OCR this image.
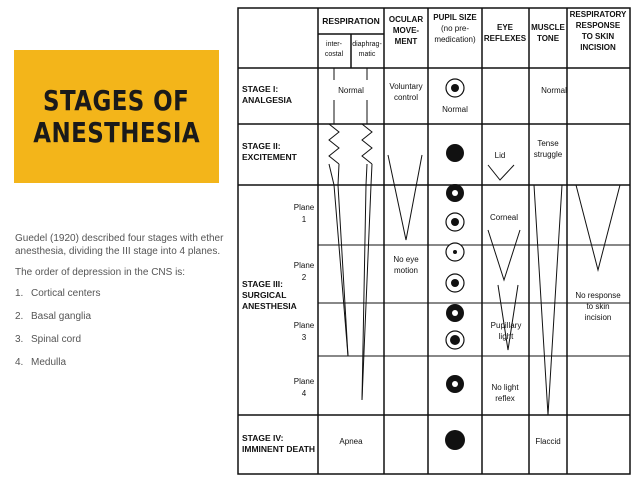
STAGES OF
ANESTHESIA

Guedel (1920) described four stages with ether anesthesia, dividing the III stage into 4 planes.

The order of depression in the CNS is:

1. Cortical centers
2. Basal ganglia
3. Spinal cord
4. Medulla
RESPIRATION
inter-
costal
diaphrag-
matic
OCULAR
MOVE-
MENT
PUPIL SIZE
(no pre-
medication)
EYE
REFLEXES
MUSCLE
TONE
RESPIRATORY
RESPONSE
TO SKIN
INCISION
STAGE I:
ANALGESIA
STAGE II:
EXCITEMENT
STAGE III:
SURGICAL
ANESTHESIA
STAGE IV:
IMMINENT DEATH
Plane
1
Plane
2
Plane
3
Plane
4
Normal	Voluntary
control
Normal
Normal
Lid
Tense
struggle
Corneal
No eye
motion
No response
to skin
incision
Pupillary
light
No light
reflex
Apnea	Flaccid
